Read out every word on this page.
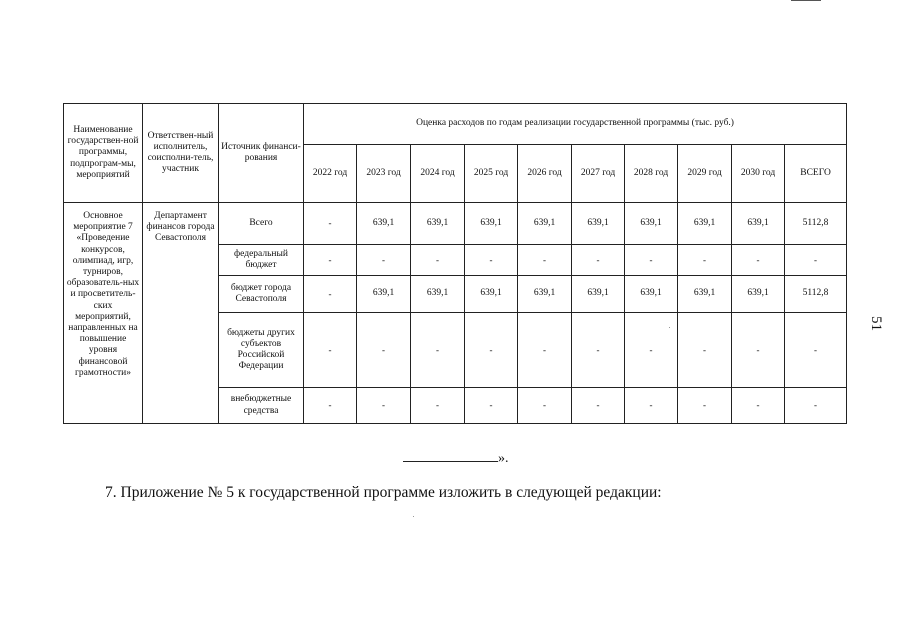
Наименование государствен-ной программы, подпрограм-мы, мероприятий	Ответствен-ный исполнитель, соисполни-тель, участник	Источник финанси-рования	Оценка расходов по годам реализации государственной программы (тыс. руб.)									
			2022 год	2023 год	2024 год	2025 год	2026 год	2027 год	2028 год	2029 год	2030 год	ВСЕГО
Основное мероприятие 7 «Проведение конкурсов, олимпиад, игр, турниров, образователь-ных и просветитель-ских мероприятий, направленных на повышение уровня финансовой грамотности»	Департамент финансов города Севастополя	Всего	-	639,1	639,1	639,1	639,1	639,1	639,1	639,1	639,1	5112,8
		федеральный бюджет	-	-	-	-	-	-	-	-	-	-
		бюджет города Севастополя	-	639,1	639,1	639,1	639,1	639,1	639,1	639,1	639,1	5112,8
		бюджеты других субъектов Российской Федерации	-	-	-	-	-	-	-	-	-	-
		внебюджетные средства	-	-	-	-	-	-	-	-	-	-
51
».
7. Приложение № 5 к государственной программе изложить в следующей редакции:
